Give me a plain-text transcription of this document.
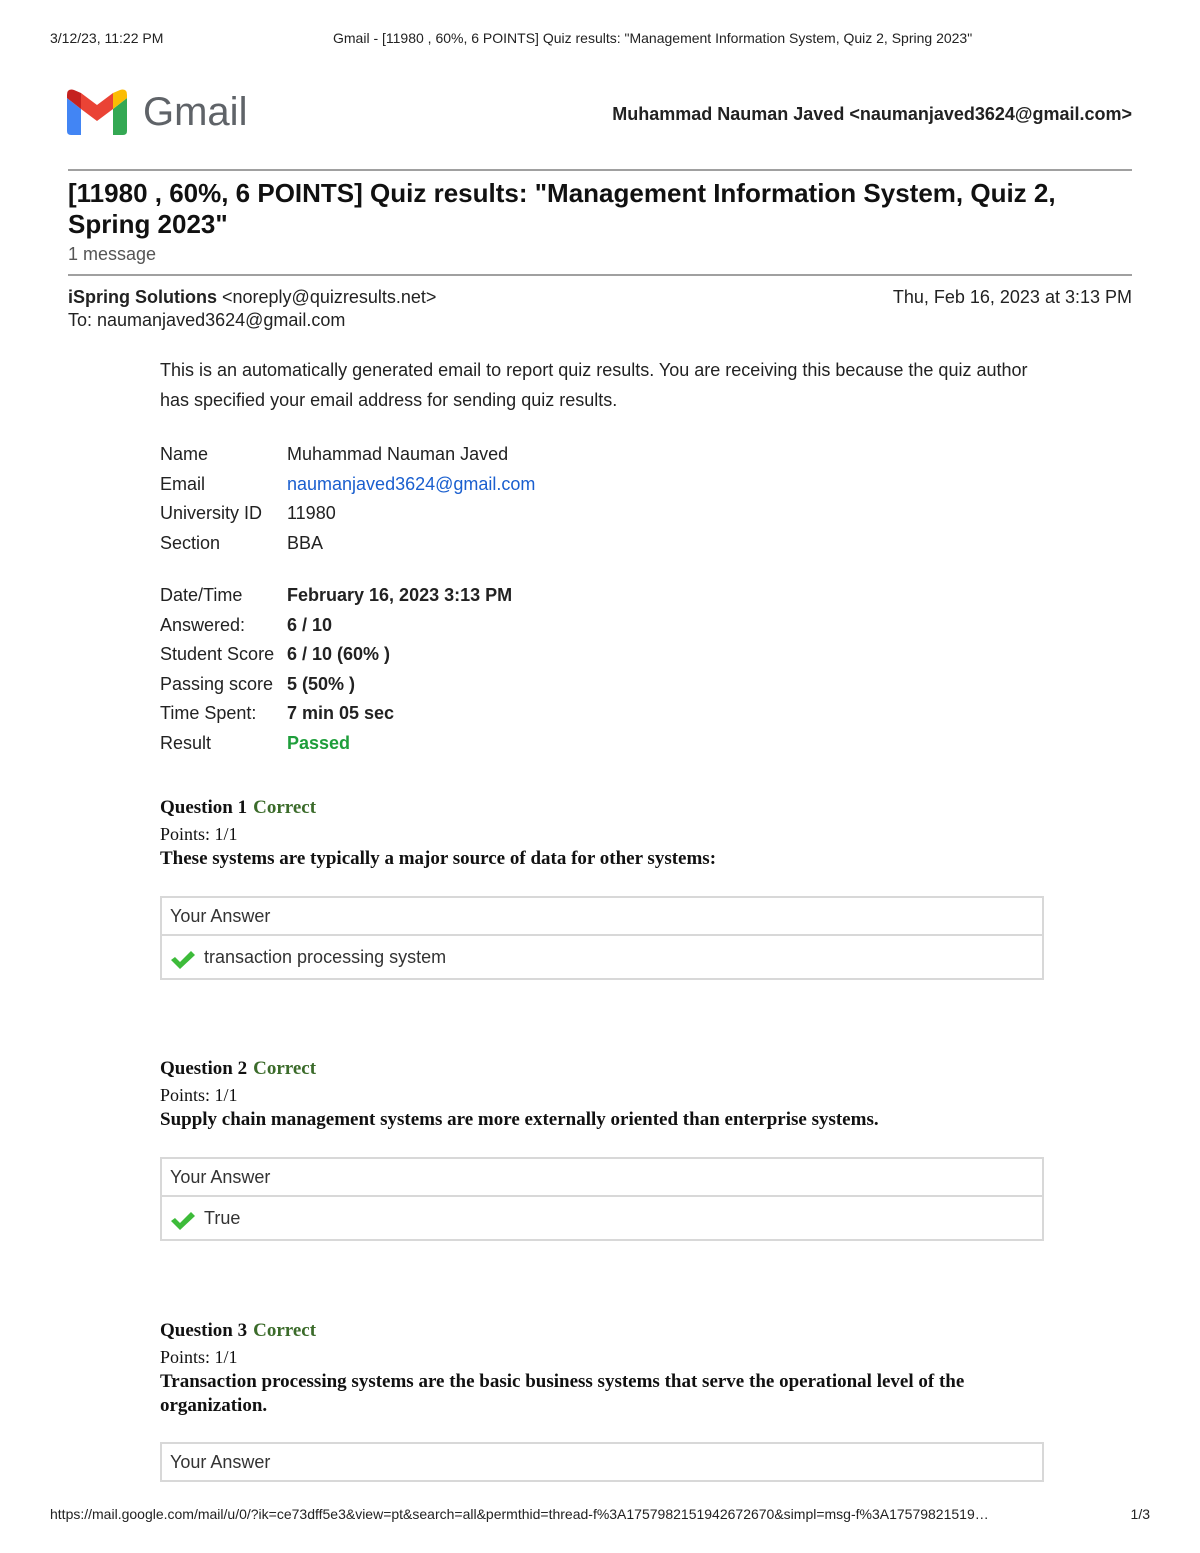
3/12/23, 11:22 PM	Gmail - [11980 , 60%, 6 POINTS] Quiz results: "Management Information System, Quiz 2, Spring 2023"
Gmail	Muhammad Nauman Javed <naumanjaved3624@gmail.com>
[11980 , 60%, 6 POINTS] Quiz results: "Management Information System, Quiz 2, Spring 2023"
1 message
iSpring Solutions <noreply@quizresults.net>	Thu, Feb 16, 2023 at 3:13 PM
To: naumanjaved3624@gmail.com

This is an automatically generated email to report quiz results. You are receiving this because the quiz author has specified your email address for sending quiz results.

Name	Muhammad Nauman Javed
Email	naumanjaved3624@gmail.com
University ID	11980
Section	BBA
Date/Time	February 16, 2023 3:13 PM
Answered:	6 / 10
Student Score 6 / 10 (60% )
Passing score 5 (50% )
Time Spent:	7 min 05 sec
Result	Passed
Question 1 Correct
Points: 1/1
These systems are typically a major source of data for other systems:
Your Answer
transaction processing system
Question 2 Correct
Points: 1/1
Supply chain management systems are more externally oriented than enterprise systems.
Your Answer
True
Question 3 Correct
Points: 1/1
Transaction processing systems are the basic business systems that serve the operational level of the organization.
Your Answer
https://mail.google.com/mail/u/0/?ik=ce73dff5e3&view=pt&search=all&permthid=thread-f%3A1757982151942672670&simpl=msg-f%3A17579821519…	1/3
